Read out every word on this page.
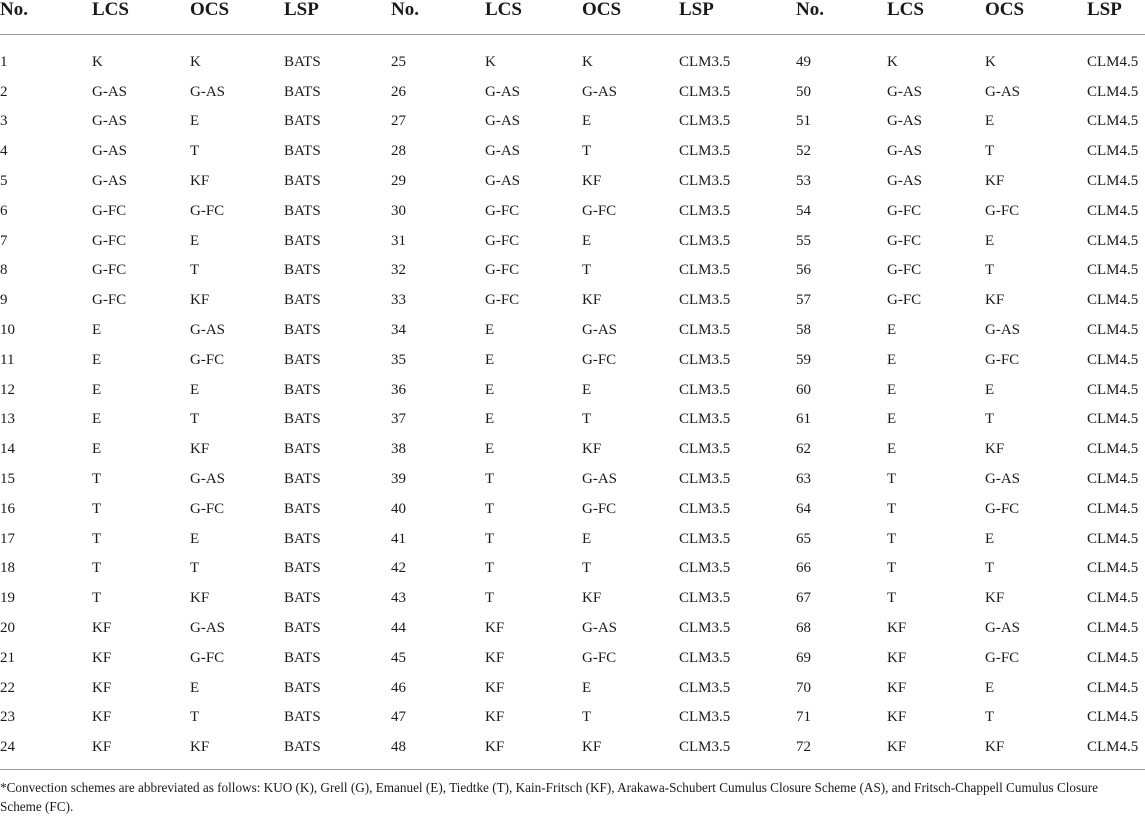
No.	LCS	OCS	LSP	No.	LCS	OCS	LSP	No.	LCS	OCS	LSP

1	K	K	BATS	25	K	K	CLM3.5	49	K	K	CLM4.5
2	G-AS	G-AS	BATS	26	G-AS	G-AS	CLM3.5	50	G-AS	G-AS	CLM4.5
3	G-AS	E	BATS	27	G-AS	E	CLM3.5	51	G-AS	E	CLM4.5
4	G-AS	T	BATS	28	G-AS	T	CLM3.5	52	G-AS	T	CLM4.5
5	G-AS	KF	BATS	29	G-AS	KF	CLM3.5	53	G-AS	KF	CLM4.5
6	G-FC	G-FC	BATS	30	G-FC	G-FC	CLM3.5	54	G-FC	G-FC	CLM4.5
7	G-FC	E	BATS	31	G-FC	E	CLM3.5	55	G-FC	E	CLM4.5
8	G-FC	T	BATS	32	G-FC	T	CLM3.5	56	G-FC	T	CLM4.5
9	G-FC	KF	BATS	33	G-FC	KF	CLM3.5	57	G-FC	KF	CLM4.5
10	E	G-AS	BATS	34	E	G-AS	CLM3.5	58	E	G-AS	CLM4.5
11	E	G-FC	BATS	35	E	G-FC	CLM3.5	59	E	G-FC	CLM4.5
12	E	E	BATS	36	E	E	CLM3.5	60	E	E	CLM4.5
13	E	T	BATS	37	E	T	CLM3.5	61	E	T	CLM4.5
14	E	KF	BATS	38	E	KF	CLM3.5	62	E	KF	CLM4.5
15	T	G-AS	BATS	39	T	G-AS	CLM3.5	63	T	G-AS	CLM4.5
16	T	G-FC	BATS	40	T	G-FC	CLM3.5	64	T	G-FC	CLM4.5
17	T	E	BATS	41	T	E	CLM3.5	65	T	E	CLM4.5
18	T	T	BATS	42	T	T	CLM3.5	66	T	T	CLM4.5
19	T	KF	BATS	43	T	KF	CLM3.5	67	T	KF	CLM4.5
20	KF	G-AS	BATS	44	KF	G-AS	CLM3.5	68	KF	G-AS	CLM4.5
21	KF	G-FC	BATS	45	KF	G-FC	CLM3.5	69	KF	G-FC	CLM4.5
22	KF	E	BATS	46	KF	E	CLM3.5	70	KF	E	CLM4.5
23	KF	T	BATS	47	KF	T	CLM3.5	71	KF	T	CLM4.5
24	KF	KF	BATS	48	KF	KF	CLM3.5	72	KF	KF	CLM4.5
*Convection schemes are abbreviated as follows: KUO (K), Grell (G), Emanuel (E), Tiedtke (T), Kain-Fritsch (KF), Arakawa-Schubert Cumulus Closure Scheme (AS), and Fritsch-Chappell Cumulus Closure Scheme (FC).
